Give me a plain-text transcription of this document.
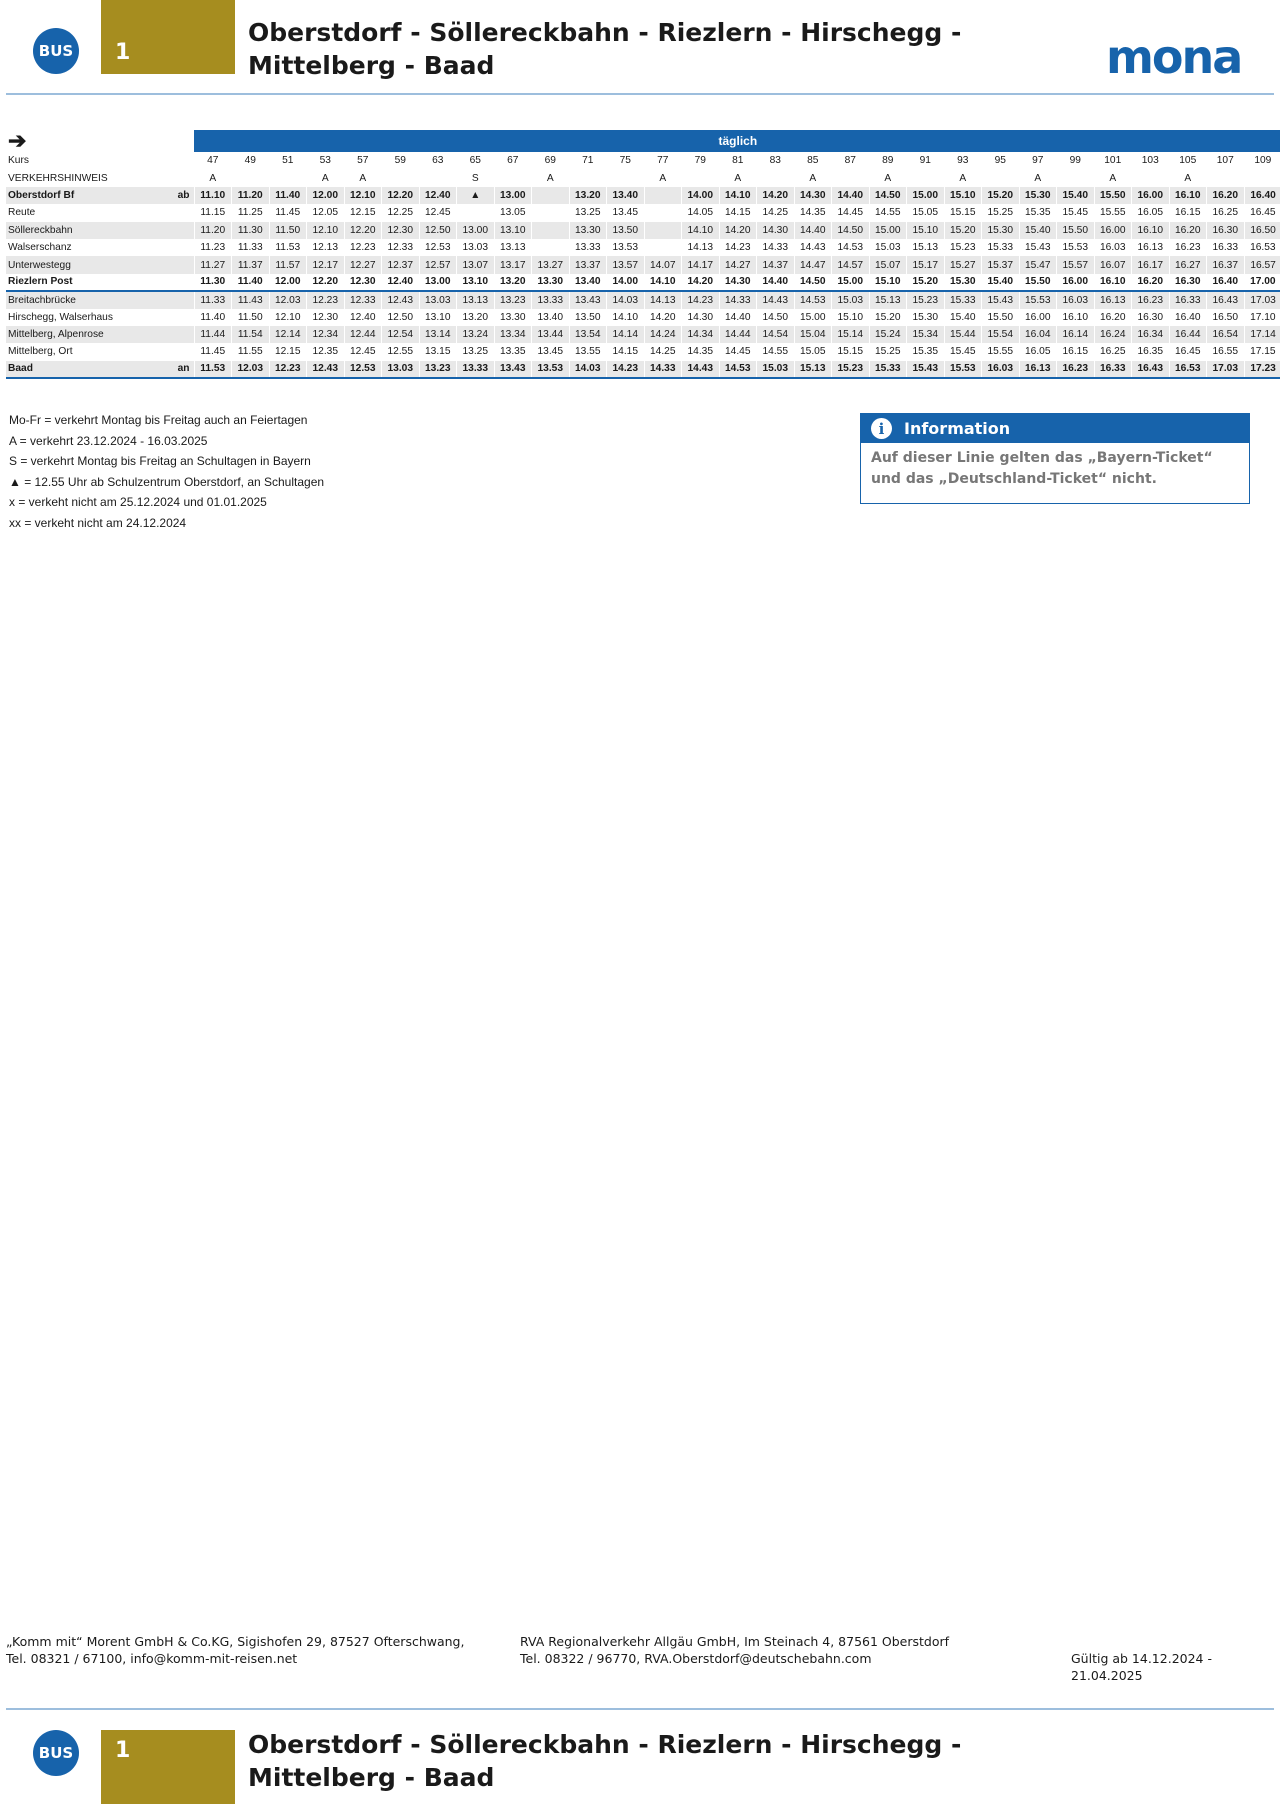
BUS	1
Oberstdorf - Söllereckbahn - Riezlern - Hirschegg -
Mittelberg - Baad	mona
➔		täglich																												
Kurs		47	49	51	53	57	59	63	65	67	69	71	75	77	79	81	83	85	87	89	91	93	95	97	99	101	103	105	107	109
VERKEHRSHINWEIS		A			A	A			S		A			A		A		A		A		A		A		A		A		
Oberstdorf Bf	ab	11.10	11.20	11.40	12.00	12.10	12.20	12.40	▲	13.00		13.20	13.40		14.00	14.10	14.20	14.30	14.40	14.50	15.00	15.10	15.20	15.30	15.40	15.50	16.00	16.10	16.20	16.40
Reute		11.15	11.25	11.45	12.05	12.15	12.25	12.45		13.05		13.25	13.45		14.05	14.15	14.25	14.35	14.45	14.55	15.05	15.15	15.25	15.35	15.45	15.55	16.05	16.15	16.25	16.45
Söllereckbahn		11.20	11.30	11.50	12.10	12.20	12.30	12.50	13.00	13.10		13.30	13.50		14.10	14.20	14.30	14.40	14.50	15.00	15.10	15.20	15.30	15.40	15.50	16.00	16.10	16.20	16.30	16.50
Walserschanz		11.23	11.33	11.53	12.13	12.23	12.33	12.53	13.03	13.13		13.33	13.53		14.13	14.23	14.33	14.43	14.53	15.03	15.13	15.23	15.33	15.43	15.53	16.03	16.13	16.23	16.33	16.53
Unterwestegg		11.27	11.37	11.57	12.17	12.27	12.37	12.57	13.07	13.17	13.27	13.37	13.57	14.07	14.17	14.27	14.37	14.47	14.57	15.07	15.17	15.27	15.37	15.47	15.57	16.07	16.17	16.27	16.37	16.57
Riezlern Post		11.30	11.40	12.00	12.20	12.30	12.40	13.00	13.10	13.20	13.30	13.40	14.00	14.10	14.20	14.30	14.40	14.50	15.00	15.10	15.20	15.30	15.40	15.50	16.00	16.10	16.20	16.30	16.40	17.00
Breitachbrücke		11.33	11.43	12.03	12.23	12.33	12.43	13.03	13.13	13.23	13.33	13.43	14.03	14.13	14.23	14.33	14.43	14.53	15.03	15.13	15.23	15.33	15.43	15.53	16.03	16.13	16.23	16.33	16.43	17.03
Hirschegg, Walserhaus		11.40	11.50	12.10	12.30	12.40	12.50	13.10	13.20	13.30	13.40	13.50	14.10	14.20	14.30	14.40	14.50	15.00	15.10	15.20	15.30	15.40	15.50	16.00	16.10	16.20	16.30	16.40	16.50	17.10
Mittelberg, Alpenrose		11.44	11.54	12.14	12.34	12.44	12.54	13.14	13.24	13.34	13.44	13.54	14.14	14.24	14.34	14.44	14.54	15.04	15.14	15.24	15.34	15.44	15.54	16.04	16.14	16.24	16.34	16.44	16.54	17.14
Mittelberg, Ort		11.45	11.55	12.15	12.35	12.45	12.55	13.15	13.25	13.35	13.45	13.55	14.15	14.25	14.35	14.45	14.55	15.05	15.15	15.25	15.35	15.45	15.55	16.05	16.15	16.25	16.35	16.45	16.55	17.15
Baad	an	11.53	12.03	12.23	12.43	12.53	13.03	13.23	13.33	13.43	13.53	14.03	14.23	14.33	14.43	14.53	15.03	15.13	15.23	15.33	15.43	15.53	16.03	16.13	16.23	16.33	16.43	16.53	17.03	17.23
Mo-Fr = verkehrt Montag bis Freitag auch an Feiertagen
A = verkehrt 23.12.2024 - 16.03.2025
S = verkehrt Montag bis Freitag an Schultagen in Bayern
▲ = 12.55 Uhr ab Schulzentrum Oberstdorf, an Schultagen
x = verkeht nicht am 25.12.2024 und 01.01.2025
xx = verkeht nicht am 24.12.2024
i	Information
Auf dieser Linie gelten das „Bayern-Ticket“ und das „Deutschland-Ticket“ nicht.
„Komm mit“ Morent GmbH & Co.KG, Sigishofen 29, 87527 Ofterschwang,
Tel. 08321 / 67100, info@komm-mit-reisen.net
RVA Regionalverkehr Allgäu GmbH, Im Steinach 4, 87561 Oberstdorf
Tel. 08322 / 96770, RVA.Oberstdorf@deutschebahn.com	Gültig ab 14.12.2024 - 21.04.2025
BUS	1	Oberstdorf - Söllereckbahn - Riezlern - Hirschegg -
Mittelberg - Baad
